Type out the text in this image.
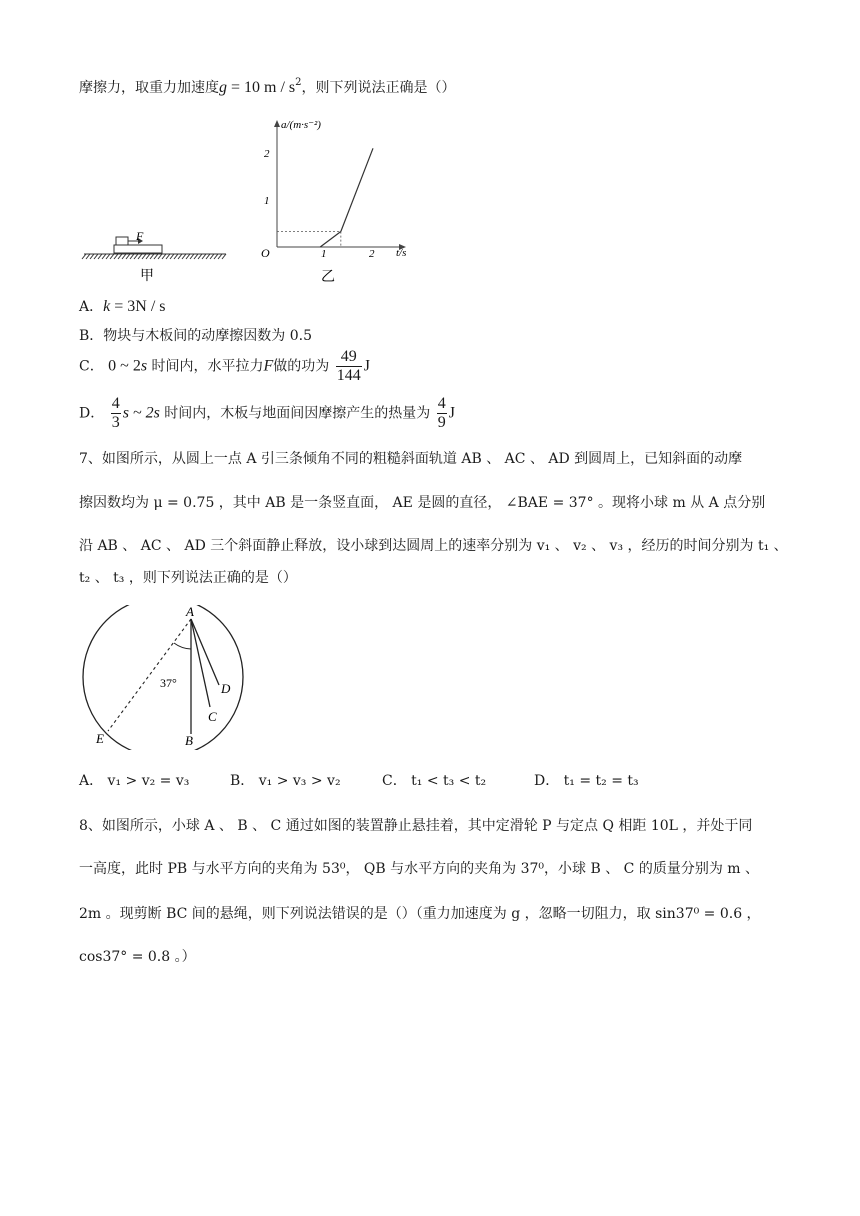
摩擦力，取重力加速度g = 10 m / $s^2$，则下列说法正确是（）
F
甲
a/(m·s⁻²)
t/s
O
1
2
1	2
乙
A．k = 3N / s
B．物块与木板间的动摩擦因数为 0.5
C． 0 ~ 2s 时间内，水平拉力F做的功为 $\frac{49}{144}$ J
D． $\frac{4}{3}$ s ~ 2s 时间内，木板与地面间因摩擦产生的热量为 $\frac{4}{9}$ J
7、如图所示，从圆上一点 A 引三条倾角不同的粗糙斜面轨道 AB 、 AC 、 AD 到圆周上，已知斜面的动摩
擦因数均为 μ = 0.75 ，其中 AB 是一条竖直面， AE 是圆的直径， ∠BAE = 37° 。现将小球 m 从 A 点分别
沿 AB 、 AC 、 AD 三个斜面静止释放，设小球到达圆周上的速率分别为 v₁ 、 v₂ 、 v₃ ，经历的时间分别为 t₁ 、
t₂ 、 t₃ ，则下列说法正确的是（）
A
B
C
D
E
37°
A． v₁ > v₂ = v₃	B． v₁ > v₃ > v₂	C． t₁ < t₃ < t₂	D． t₁ = t₂ = t₃
8、如图所示，小球 A 、 B 、 C 通过如图的装置静止悬挂着，其中定滑轮 P 与定点 Q 相距 10L ，并处于同
一高度，此时 PB 与水平方向的夹角为 53⁰， QB 与水平方向的夹角为 37⁰，小球 B 、 C 的质量分别为 m 、
2m 。现剪断 BC 间的悬绳，则下列说法错误的是（）（重力加速度为 g ，忽略一切阻力，取 sin37⁰ = 0.6 ，
cos37° = 0.8 。）
